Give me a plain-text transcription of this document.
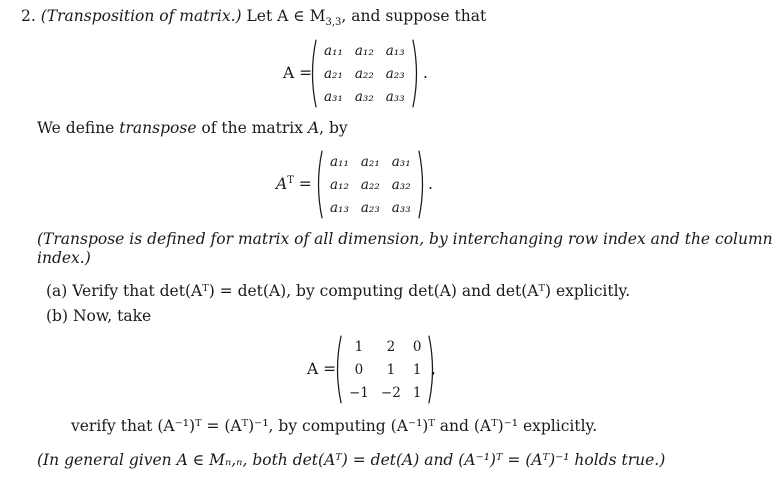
2. (Transposition of matrix.) Let A ∈ $M_{3,3}$, and suppose that
A =
a₁₁	a₁₂	a₁₃
a₂₁	a₂₂	a₂₃
a₃₁	a₃₂	a₃₃
.
We define transpose of the matrix A, by
$A^T$ =
a₁₁	a₂₁	a₃₁
a₁₂	a₂₂	a₃₂
a₁₃	a₂₃	a₃₃
.
(Transpose is defined for matrix of all dimension, by interchanging row index and the column
index.)
(a) Verify that det(Aᵀ) = det(A), by computing det(A) and det(Aᵀ) explicitly.
(b) Now, take
A =
1	2	0
0	1	1
−1	−2	1
,
verify that (A⁻¹)ᵀ = (Aᵀ)⁻¹, by computing (A⁻¹)ᵀ and (Aᵀ)⁻¹ explicitly.
(In general given A ∈ Mₙ,ₙ, both det(Aᵀ) = det(A) and (A⁻¹)ᵀ = (Aᵀ)⁻¹ holds true.)
